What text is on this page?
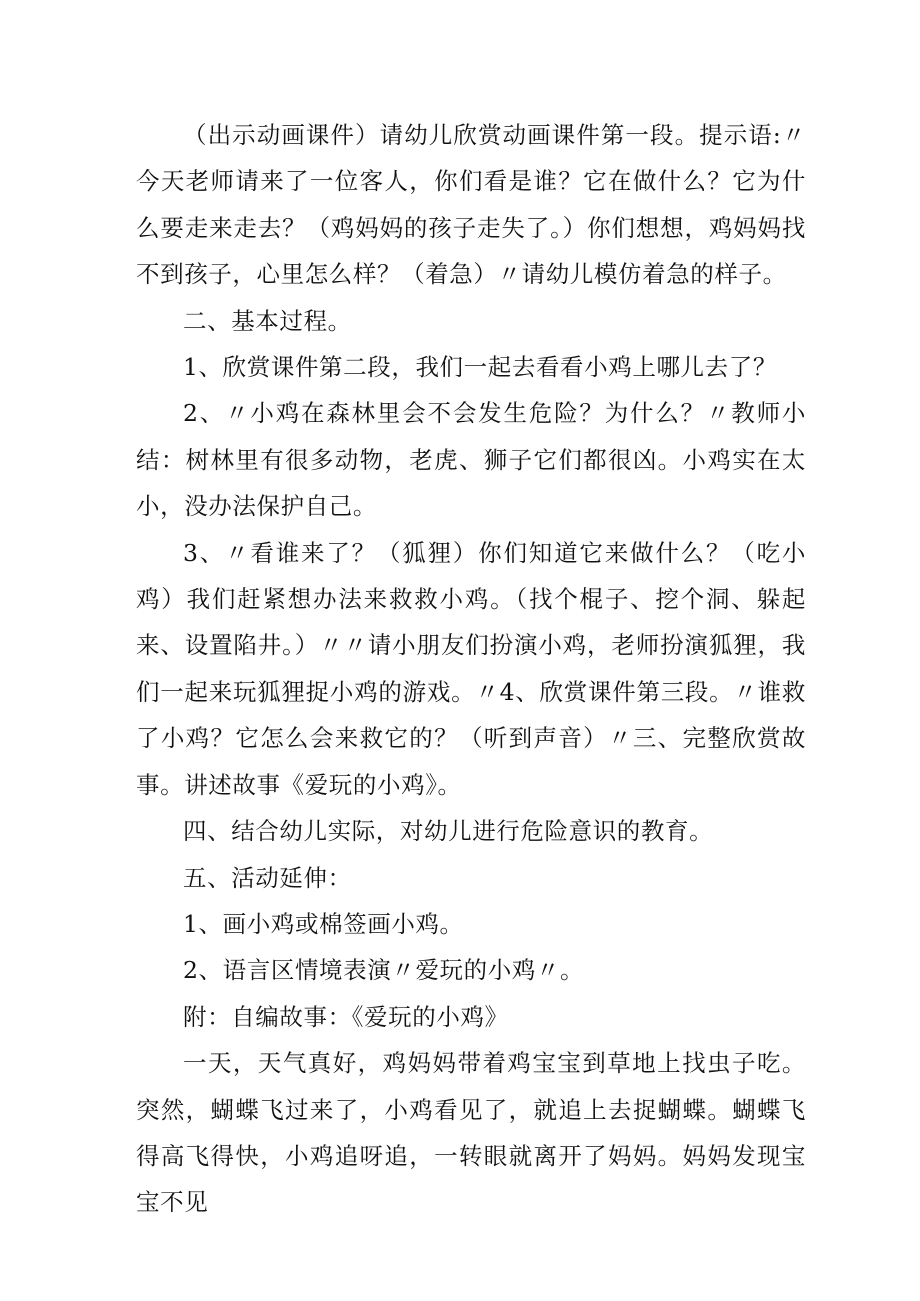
（出示动画课件）请幼儿欣赏动画课件第一段。提示语:〃今天老师请来了一位客人，你们看是谁？它在做什么？它为什么要走来走去？（鸡妈妈的孩子走失了。）你们想想，鸡妈妈找不到孩子，心里怎么样？（着急）〃请幼儿模仿着急的样子。

二、基本过程。

1、欣赏课件第二段，我们一起去看看小鸡上哪儿去了？

2、〃小鸡在森林里会不会发生危险？为什么？〃教师小结：树林里有很多动物，老虎、狮子它们都很凶。小鸡实在太小，没办法保护自己。

3、〃看谁来了？（狐狸）你们知道它来做什么？（吃小鸡）我们赶紧想办法来救救小鸡。（找个棍子、挖个洞、躲起来、设置陷井。）〃〃请小朋友们扮演小鸡，老师扮演狐狸，我们一起来玩狐狸捉小鸡的游戏。〃4、欣赏课件第三段。〃谁救了小鸡？它怎么会来救它的？（听到声音）〃三、完整欣赏故事。讲述故事《爱玩的小鸡》。

四、结合幼儿实际，对幼儿进行危险意识的教育。

五、活动延伸：

1、画小鸡或棉签画小鸡。

2、语言区情境表演〃爱玩的小鸡〃。

附：自编故事：《爱玩的小鸡》

一天，天气真好，鸡妈妈带着鸡宝宝到草地上找虫子吃。突然，蝴蝶飞过来了，小鸡看见了，就追上去捉蝴蝶。蝴蝶飞得高飞得快，小鸡追呀追，一转眼就离开了妈妈。妈妈发现宝宝不见
